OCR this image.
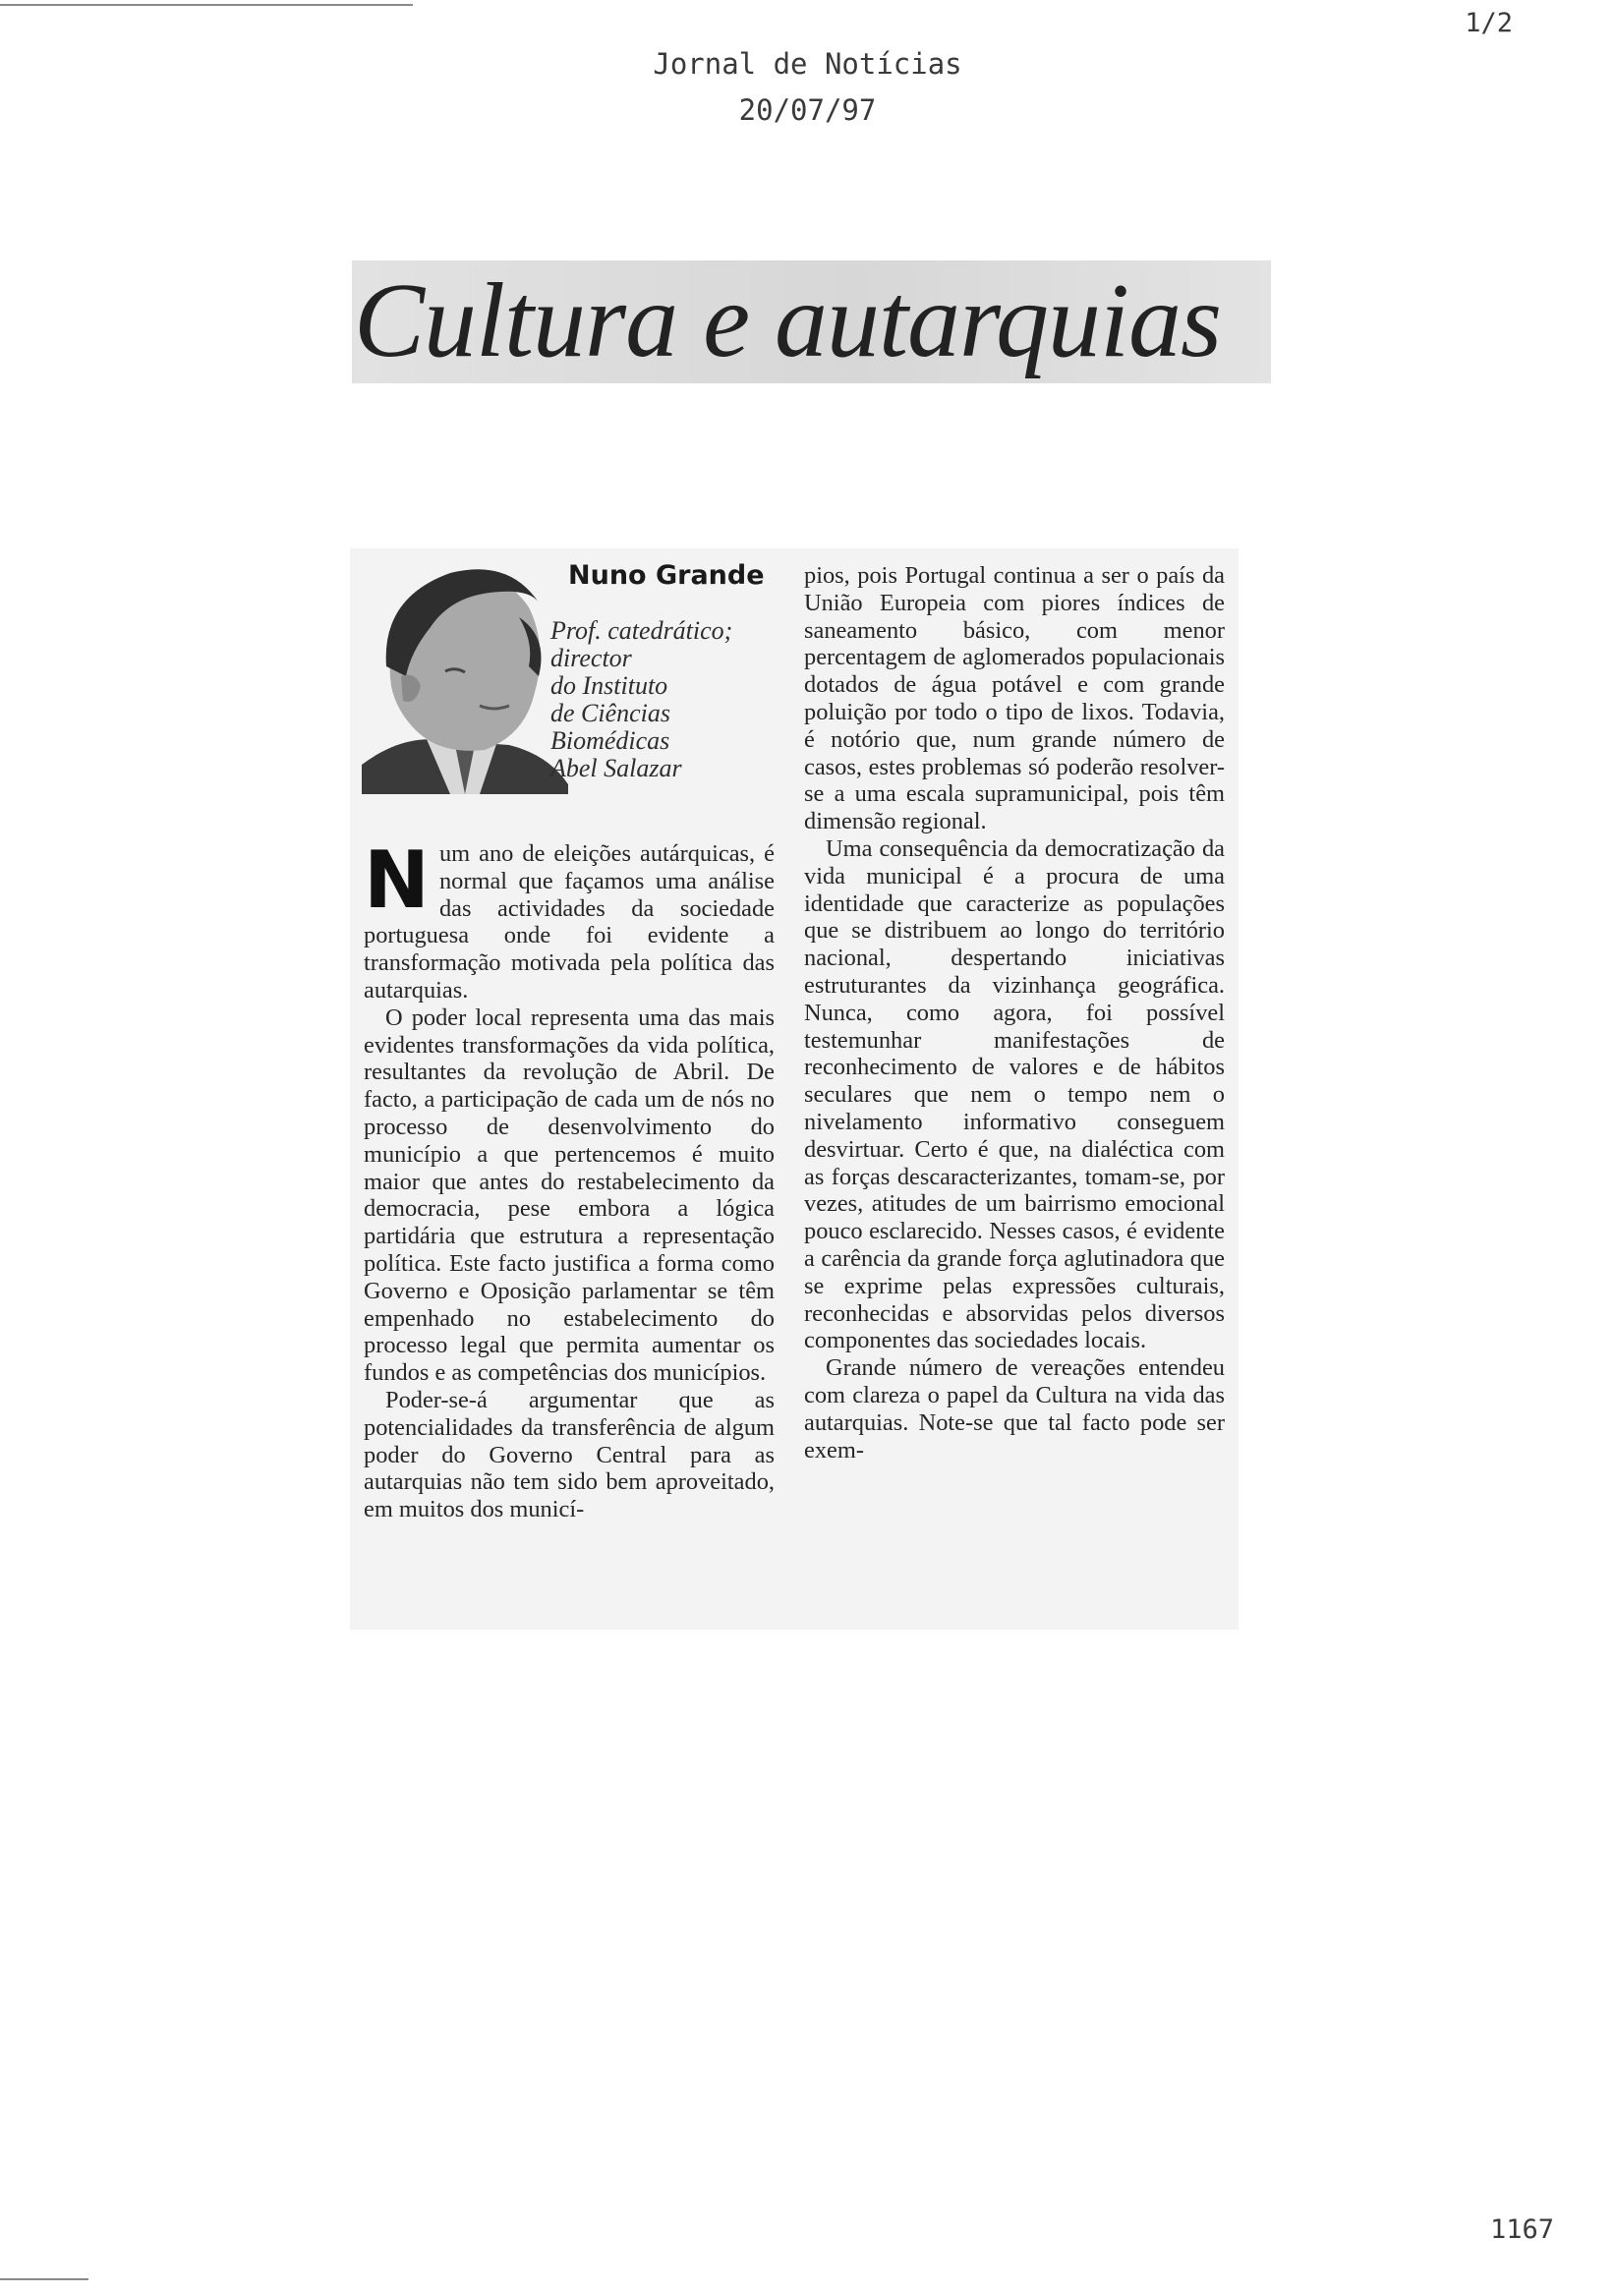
1/2
Jornal de Notícias
20/07/97
Cultura e autarquias
Nuno Grande
Prof. catedrático;
director
do Instituto
de Ciências
Biomédicas
Abel Salazar

Num ano de eleições autárquicas, é normal que façamos uma análise das actividades da sociedade portuguesa onde foi evidente a transformação motivada pela política das autarquias.

O poder local representa uma das mais evidentes transformações da vida política, resultantes da revolução de Abril. De facto, a participação de cada um de nós no processo de desenvolvimento do município a que pertencemos é muito maior que antes do restabelecimento da democracia, pese embora a lógica partidária que estrutura a representação política. Este facto justifica a forma como Governo e Oposição parlamentar se têm empenhado no estabelecimento do processo legal que permita aumentar os fundos e as competências dos municípios.

Poder-se-á argumentar que as potencialidades da transferência de algum poder do Governo Central para as autarquias não tem sido bem aproveitado, em muitos dos municí-

pios, pois Portugal continua a ser o país da União Europeia com piores índices de saneamento básico, com menor percentagem de aglomerados populacionais dotados de água potável e com grande poluição por todo o tipo de lixos. Todavia, é notório que, num grande número de casos, estes problemas só poderão resolver-se a uma escala supramunicipal, pois têm dimensão regional.

Uma consequência da democratização da vida municipal é a procura de uma identidade que caracterize as populações que se distribuem ao longo do território nacional, despertando iniciativas estruturantes da vizinhança geográfica. Nunca, como agora, foi possível testemunhar manifestações de reconhecimento de valores e de hábitos seculares que nem o tempo nem o nivelamento informativo conseguem desvirtuar. Certo é que, na dialéctica com as forças descaracterizantes, tomam-se, por vezes, atitudes de um bairrismo emocional pouco esclarecido. Nesses casos, é evidente a carência da grande força aglutinadora que se exprime pelas expressões culturais, reconhecidas e absorvidas pelos diversos componentes das sociedades locais.

Grande número de vereações entendeu com clareza o papel da Cultura na vida das autarquias. Note-se que tal facto pode ser exem-

1167
